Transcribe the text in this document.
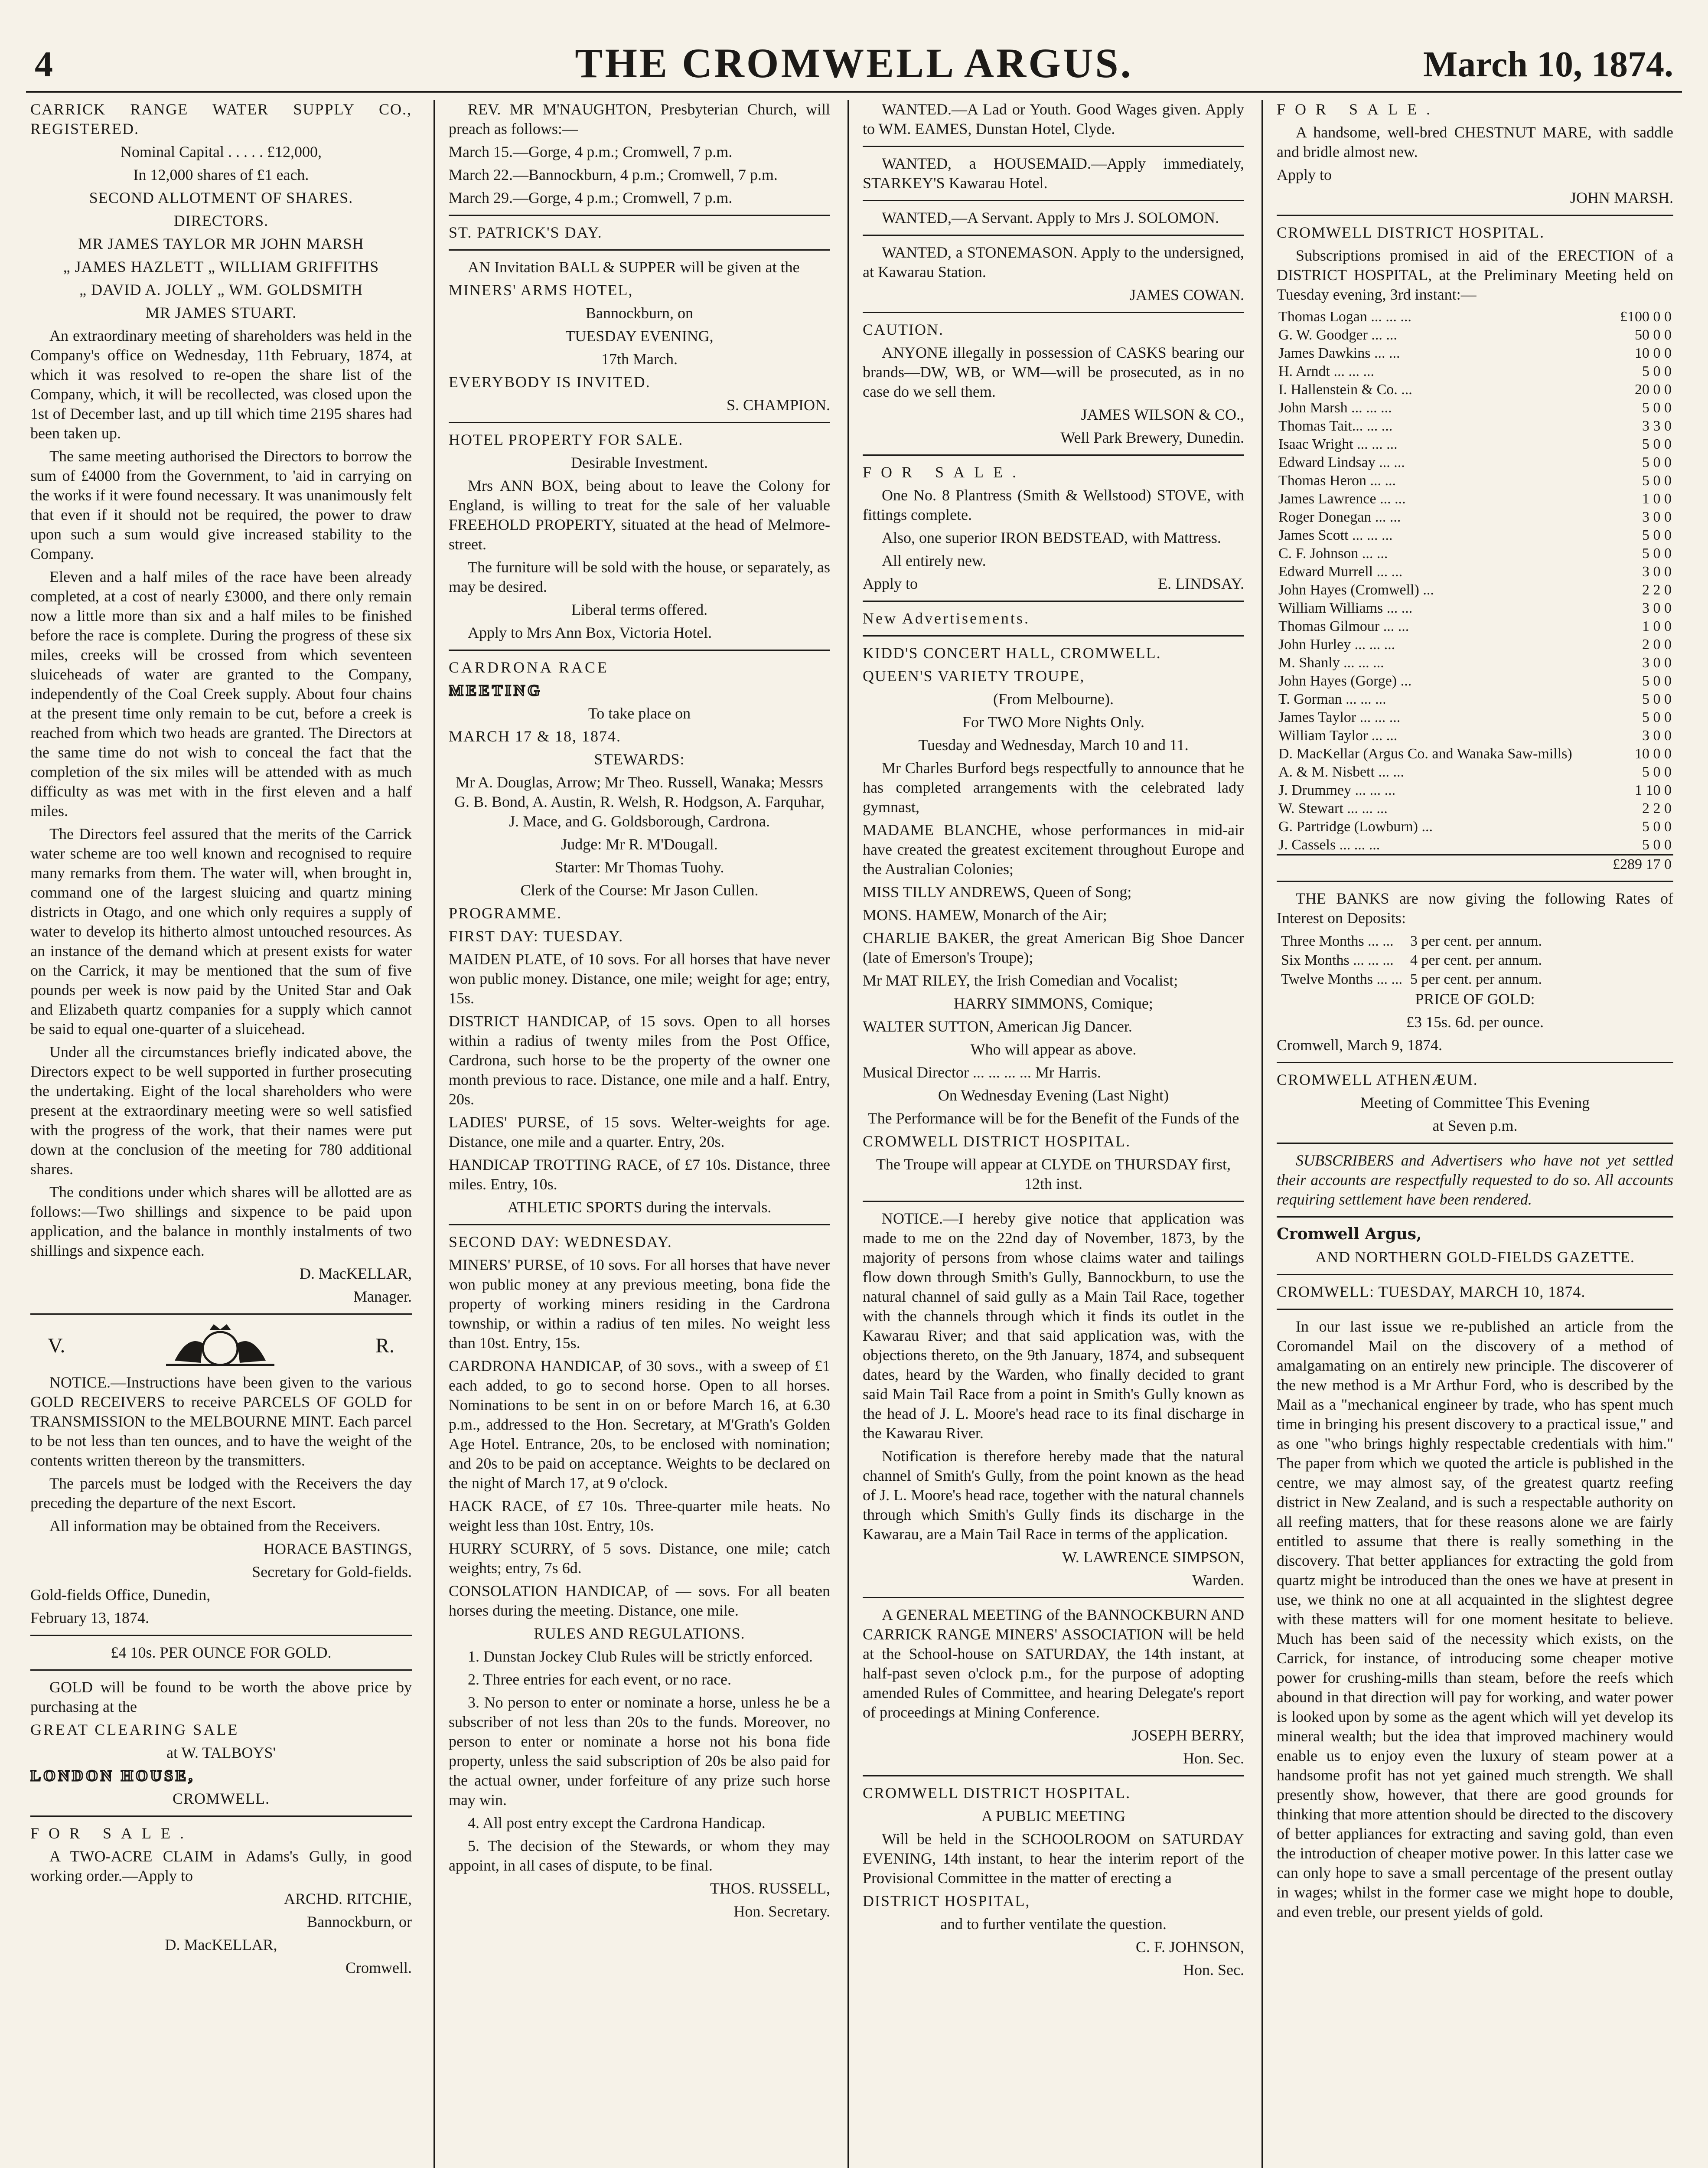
4	THE CROMWELL ARGUS.	March 10, 1874.

CARRICK RANGE WATER SUPPLY CO., REGISTERED.

Nominal Capital . . . . . £12,000,

In 12,000 shares of £1 each.

SECOND ALLOTMENT OF SHARES.

DIRECTORS.

MR JAMES TAYLOR MR JOHN MARSH

„ JAMES HAZLETT „ WILLIAM GRIFFITHS

„ DAVID A. JOLLY „ WM. GOLDSMITH

MR JAMES STUART.

An extraordinary meeting of shareholders was held in the Company's office on Wednesday, 11th February, 1874, at which it was resolved to re-open the share list of the Company, which, it will be recollected, was closed upon the 1st of December last, and up till which time 2195 shares had been taken up.

The same meeting authorised the Directors to borrow the sum of £4000 from the Government, to 'aid in carrying on the works if it were found necessary. It was unanimously felt that even if it should not be required, the power to draw upon such a sum would give increased stability to the Company.

Eleven and a half miles of the race have been already completed, at a cost of nearly £3000, and there only remain now a little more than six and a half miles to be finished before the race is complete. During the progress of these six miles, creeks will be crossed from which seventeen sluiceheads of water are granted to the Company, independently of the Coal Creek supply. About four chains at the present time only remain to be cut, before a creek is reached from which two heads are granted. The Directors at the same time do not wish to conceal the fact that the completion of the six miles will be attended with as much difficulty as was met with in the first eleven and a half miles.

The Directors feel assured that the merits of the Carrick water scheme are too well known and recognised to require many remarks from them. The water will, when brought in, command one of the largest sluicing and quartz mining districts in Otago, and one which only requires a supply of water to develop its hitherto almost untouched resources. As an instance of the demand which at present exists for water on the Carrick, it may be mentioned that the sum of five pounds per week is now paid by the United Star and Oak and Elizabeth quartz companies for a supply which cannot be said to equal one-quarter of a sluicehead.

Under all the circumstances briefly indicated above, the Directors expect to be well supported in further prosecuting the undertaking. Eight of the local shareholders who were present at the extraordinary meeting were so well satisfied with the progress of the work, that their names were put down at the conclusion of the meeting for 780 additional shares.

The conditions under which shares will be allotted are as follows:—Two shillings and sixpence to be paid upon application, and the balance in monthly instalments of two shillings and sixpence each.

D. MacKELLAR,

Manager.

V.	R.

NOTICE.—Instructions have been given to the various GOLD RECEIVERS to receive PARCELS OF GOLD for TRANSMISSION to the MELBOURNE MINT. Each parcel to be not less than ten ounces, and to have the weight of the contents written thereon by the transmitters.

The parcels must be lodged with the Receivers the day preceding the departure of the next Escort.

All information may be obtained from the Receivers.

HORACE BASTINGS,

Secretary for Gold-fields.

Gold-fields Office, Dunedin,

February 13, 1874.

£4 10s. PER OUNCE FOR GOLD.

GOLD will be found to be worth the above price by purchasing at the

GREAT CLEARING SALE

at W. TALBOYS'

LONDON HOUSE,

CROMWELL.

FOR SALE.

A TWO-ACRE CLAIM in Adams's Gully, in good working order.—Apply to

ARCHD. RITCHIE,

Bannockburn, or

D. MacKELLAR,

Cromwell.

REV. MR M'NAUGHTON, Presbyterian Church, will preach as follows:—

March 15.—Gorge, 4 p.m.; Cromwell, 7 p.m.

March 22.—Bannockburn, 4 p.m.; Cromwell, 7 p.m.

March 29.—Gorge, 4 p.m.; Cromwell, 7 p.m.

ST. PATRICK'S DAY.

AN Invitation BALL & SUPPER will be given at the

MINERS' ARMS HOTEL,

Bannockburn, on

TUESDAY EVENING,

17th March.

EVERYBODY IS INVITED.

S. CHAMPION.

HOTEL PROPERTY FOR SALE.

Desirable Investment.

Mrs ANN BOX, being about to leave the Colony for England, is willing to treat for the sale of her valuable FREEHOLD PROPERTY, situated at the head of Melmore-street.

The furniture will be sold with the house, or separately, as may be desired.

Liberal terms offered.

Apply to Mrs Ann Box, Victoria Hotel.

CARDRONA RACE

MEETING

To take place on

MARCH 17 & 18, 1874.

STEWARDS:

Mr A. Douglas, Arrow; Mr Theo. Russell, Wanaka; Messrs G. B. Bond, A. Austin, R. Welsh, R. Hodgson, A. Farquhar, J. Mace, and G. Goldsborough, Cardrona.

Judge: Mr R. M'Dougall.

Starter: Mr Thomas Tuohy.

Clerk of the Course: Mr Jason Cullen.

PROGRAMME.

FIRST DAY: TUESDAY.

MAIDEN PLATE, of 10 sovs. For all horses that have never won public money. Distance, one mile; weight for age; entry, 15s.

DISTRICT HANDICAP, of 15 sovs. Open to all horses within a radius of twenty miles from the Post Office, Cardrona, such horse to be the property of the owner one month previous to race. Distance, one mile and a half. Entry, 20s.

LADIES' PURSE, of 15 sovs. Welter-weights for age. Distance, one mile and a quarter. Entry, 20s.

HANDICAP TROTTING RACE, of £7 10s. Distance, three miles. Entry, 10s.

ATHLETIC SPORTS during the intervals.

SECOND DAY: WEDNESDAY.

MINERS' PURSE, of 10 sovs. For all horses that have never won public money at any previous meeting, bona fide the property of working miners residing in the Cardrona township, or within a radius of ten miles. No weight less than 10st. Entry, 15s.

CARDRONA HANDICAP, of 30 sovs., with a sweep of £1 each added, to go to second horse. Open to all horses. Nominations to be sent in on or before March 16, at 6.30 p.m., addressed to the Hon. Secretary, at M'Grath's Golden Age Hotel. Entrance, 20s, to be enclosed with nomination; and 20s to be paid on acceptance. Weights to be declared on the night of March 17, at 9 o'clock.

HACK RACE, of £7 10s. Three-quarter mile heats. No weight less than 10st. Entry, 10s.

HURRY SCURRY, of 5 sovs. Distance, one mile; catch weights; entry, 7s 6d.

CONSOLATION HANDICAP, of — sovs. For all beaten horses during the meeting. Distance, one mile.

RULES AND REGULATIONS.

1. Dunstan Jockey Club Rules will be strictly enforced.

2. Three entries for each event, or no race.

3. No person to enter or nominate a horse, unless he be a subscriber of not less than 20s to the funds. Moreover, no person to enter or nominate a horse not his bona fide property, unless the said subscription of 20s be also paid for the actual owner, under forfeiture of any prize such horse may win.

4. All post entry except the Cardrona Handicap.

5. The decision of the Stewards, or whom they may appoint, in all cases of dispute, to be final.

THOS. RUSSELL,

Hon. Secretary.

WANTED.—A Lad or Youth. Good Wages given. Apply to WM. EAMES, Dunstan Hotel, Clyde.

WANTED, a HOUSEMAID.—Apply immediately, STARKEY'S Kawarau Hotel.

WANTED,—A Servant. Apply to Mrs J. SOLOMON.

WANTED, a STONEMASON. Apply to the undersigned, at Kawarau Station.

JAMES COWAN.

CAUTION.

ANYONE illegally in possession of CASKS bearing our brands—DW, WB, or WM—will be prosecuted, as in no case do we sell them.

JAMES WILSON & CO.,

Well Park Brewery, Dunedin.

FOR SALE.

One No. 8 Plantress (Smith & Wellstood) STOVE, with fittings complete.

Also, one superior IRON BEDSTEAD, with Mattress.

All entirely new.

Apply to	E. LINDSAY.

New Advertisements.

KIDD'S CONCERT HALL, CROMWELL.

QUEEN'S VARIETY TROUPE,

(From Melbourne).

For TWO More Nights Only.

Tuesday and Wednesday, March 10 and 11.

Mr Charles Burford begs respectfully to announce that he has completed arrangements with the celebrated lady gymnast,

MADAME BLANCHE, whose performances in mid-air have created the greatest excitement throughout Europe and the Australian Colonies;

MISS TILLY ANDREWS, Queen of Song;

MONS. HAMEW, Monarch of the Air;

CHARLIE BAKER, the great American Big Shoe Dancer (late of Emerson's Troupe);

Mr MAT RILEY, the Irish Comedian and Vocalist;

HARRY SIMMONS, Comique;

WALTER SUTTON, American Jig Dancer.

Who will appear as above.

Musical Director ... ... ... ... Mr Harris.

On Wednesday Evening (Last Night)

The Performance will be for the Benefit of the Funds of the

CROMWELL DISTRICT HOSPITAL.

The Troupe will appear at CLYDE on THURSDAY first, 12th inst.

NOTICE.—I hereby give notice that application was made to me on the 22nd day of November, 1873, by the majority of persons from whose claims water and tailings flow down through Smith's Gully, Bannockburn, to use the natural channel of said gully as a Main Tail Race, together with the channels through which it finds its outlet in the Kawarau River; and that said application was, with the objections thereto, on the 9th January, 1874, and subsequent dates, heard by the Warden, who finally decided to grant said Main Tail Race from a point in Smith's Gully known as the head of J. L. Moore's head race to its final discharge in the Kawarau River.

Notification is therefore hereby made that the natural channel of Smith's Gully, from the point known as the head of J. L. Moore's head race, together with the natural channels through which Smith's Gully finds its discharge in the Kawarau, are a Main Tail Race in terms of the application.

W. LAWRENCE SIMPSON,

Warden.

A GENERAL MEETING of the BANNOCKBURN AND CARRICK RANGE MINERS' ASSOCIATION will be held at the School-house on SATURDAY, the 14th instant, at half-past seven o'clock p.m., for the purpose of adopting amended Rules of Committee, and hearing Delegate's report of proceedings at Mining Conference.

JOSEPH BERRY,

Hon. Sec.

CROMWELL DISTRICT HOSPITAL.

A PUBLIC MEETING

Will be held in the SCHOOLROOM on SATURDAY EVENING, 14th instant, to hear the interim report of the Provisional Committee in the matter of erecting a

DISTRICT HOSPITAL,

and to further ventilate the question.

C. F. JOHNSON,

Hon. Sec.

FOR SALE.

A handsome, well-bred CHESTNUT MARE, with saddle and bridle almost new.

Apply to

JOHN MARSH.

CROMWELL DISTRICT HOSPITAL.

Subscriptions promised in aid of the ERECTION of a DISTRICT HOSPITAL, at the Preliminary Meeting held on Tuesday evening, 3rd instant:—

Thomas Logan ... ... ...	£100 0 0
G. W. Goodger ... ...	50 0 0
James Dawkins ... ...	10 0 0
H. Arndt ... ... ...	5 0 0
I. Hallenstein & Co. ...	20 0 0
John Marsh ... ... ...	5 0 0
Thomas Tait... ... ...	3 3 0
Isaac Wright ... ... ...	5 0 0
Edward Lindsay ... ...	5 0 0
Thomas Heron ... ...	5 0 0
James Lawrence ... ...	1 0 0
Roger Donegan ... ...	3 0 0
James Scott ... ... ...	5 0 0
C. F. Johnson ... ...	5 0 0
Edward Murrell ... ...	3 0 0
John Hayes (Cromwell) ...	2 2 0
William Williams ... ...	3 0 0
Thomas Gilmour ... ...	1 0 0
John Hurley ... ... ...	2 0 0
M. Shanly ... ... ...	3 0 0
John Hayes (Gorge) ...	5 0 0
T. Gorman ... ... ...	5 0 0
James Taylor ... ... ...	5 0 0
William Taylor ... ...	3 0 0
D. MacKellar (Argus Co. and Wanaka Saw-mills)	10 0 0
A. & M. Nisbett ... ...	5 0 0
J. Drummey ... ... ...	1 10 0
W. Stewart ... ... ...	2 2 0
G. Partridge (Lowburn) ...	5 0 0
J. Cassels ... ... ...	5 0 0
	£289 17 0

THE BANKS are now giving the following Rates of Interest on Deposits:

Three Months ... ...	3 per cent. per annum.
Six Months ... ... ...	4 per cent. per annum.
Twelve Months ... ...	5 per cent. per annum.

PRICE OF GOLD:

£3 15s. 6d. per ounce.

Cromwell, March 9, 1874.

CROMWELL ATHENÆUM.

Meeting of Committee This Evening

at Seven p.m.

SUBSCRIBERS and Advertisers who have not yet settled their accounts are respectfully requested to do so. All accounts requiring settlement have been rendered.

Cromwell Argus,

AND NORTHERN GOLD-FIELDS GAZETTE.

CROMWELL: TUESDAY, MARCH 10, 1874.

In our last issue we re-published an article from the Coromandel Mail on the discovery of a method of amalgamating on an entirely new principle. The discoverer of the new method is a Mr Arthur Ford, who is described by the Mail as a "mechanical engineer by trade, who has spent much time in bringing his present discovery to a practical issue," and as one "who brings highly respectable credentials with him." The paper from which we quoted the article is published in the centre, we may almost say, of the greatest quartz reefing district in New Zealand, and is such a respectable authority on all reefing matters, that for these reasons alone we are fairly entitled to assume that there is really something in the discovery. That better appliances for extracting the gold from quartz might be introduced than the ones we have at present in use, we think no one at all acquainted in the slightest degree with these matters will for one moment hesitate to believe. Much has been said of the necessity which exists, on the Carrick, for instance, of introducing some cheaper motive power for crushing-mills than steam, before the reefs which abound in that direction will pay for working, and water power is looked upon by some as the agent which will yet develop its mineral wealth; but the idea that improved machinery would enable us to enjoy even the luxury of steam power at a handsome profit has not yet gained much strength. We shall presently show, however, that there are good grounds for thinking that more attention should be directed to the discovery of better appliances for extracting and saving gold, than even the introduction of cheaper motive power. In this latter case we can only hope to save a small percentage of the present outlay in wages; whilst in the former case we might hope to double, and even treble, our present yields of gold.
